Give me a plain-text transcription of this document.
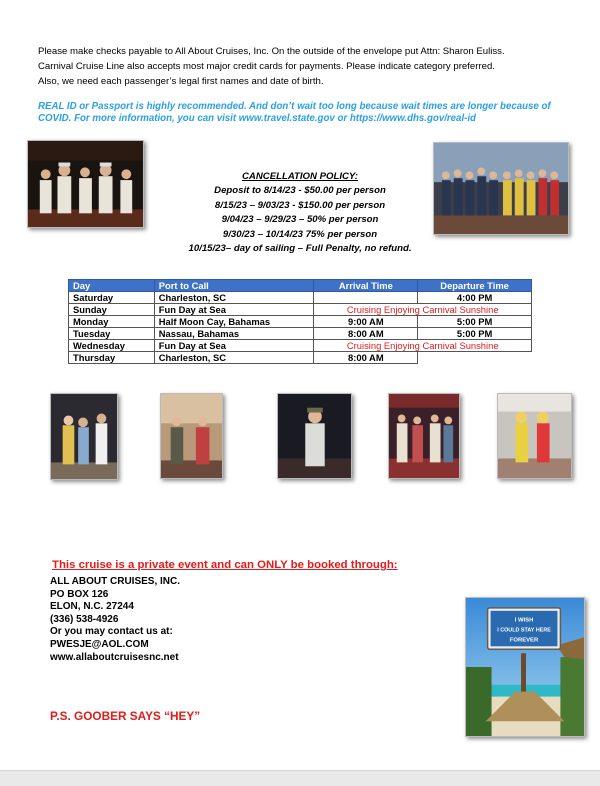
Please make checks payable to All About Cruises, Inc. On the outside of the envelope put Attn: Sharon Euliss.

Carnival Cruise Line also accepts most major credit cards for payments. Please indicate category preferred.

Also, we need each passenger’s legal first names and date of birth.

REAL ID or Passport is highly recommended. And don’t wait too long because wait times are longer because of COVID. For more information, you can visit www.travel.state.gov or https://www.dhs.gov/real-id
CANCELLATION POLICY:
Deposit to 8/14/23 - $50.00 per person
8/15/23 – 9/03/23 - $150.00 per person
9/04/23 – 9/29/23 – 50% per person
9/30/23 – 10/14/23 75% per person
10/15/23– day of sailing – Full Penalty, no refund.
Day	Port to Call	Arrival Time	Departure Time
Saturday	Charleston, SC		4:00 PM
Sunday	Fun Day at Sea	Cruising Enjoying Carnival Sunshine	
Monday	Half Moon Cay, Bahamas	9:00 AM	5:00 PM
Tuesday	Nassau, Bahamas	8:00 AM	5:00 PM
Wednesday	Fun Day at Sea	Cruising Enjoying Carnival Sunshine	
Thursday	Charleston, SC	8:00 AM	
This cruise is a private event and can ONLY be booked through:
ALL ABOUT CRUISES, INC.
PO BOX 126
ELON, N.C. 27244
(336) 538-4926
Or you may contact us at:
PWESJE@AOL.COM
www.allaboutcruisesnc.net
P.S. GOOBER SAYS “HEY”
I WISH
I COULD STAY HERE
FOREVER
